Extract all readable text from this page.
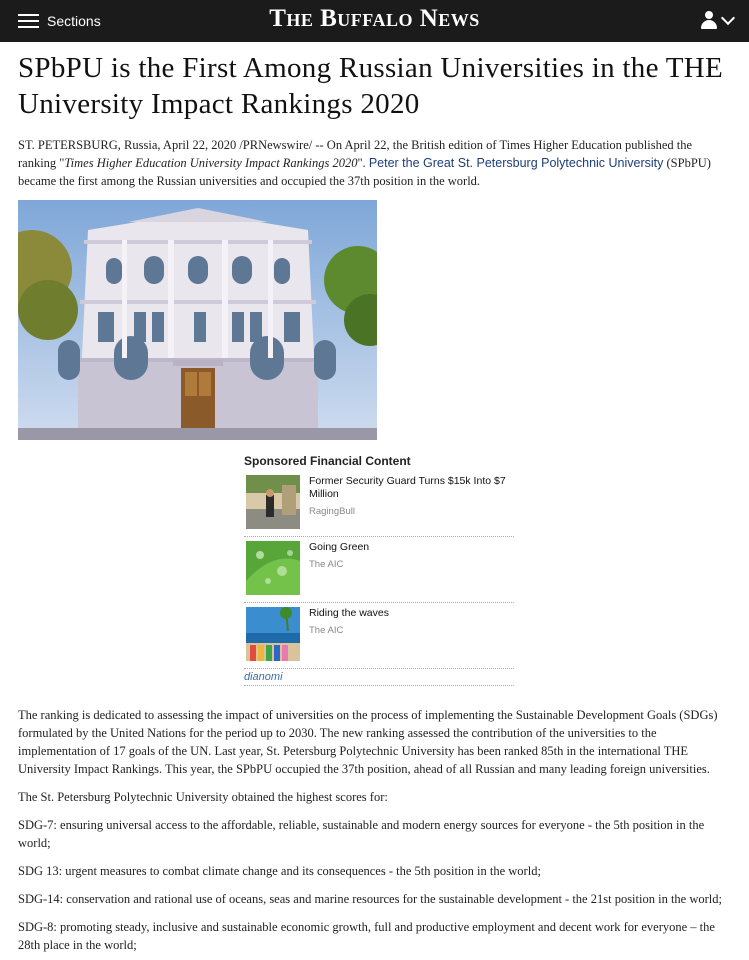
Sections	The Buffalo News
SPbPU is the First Among Russian Universities in the THE University Impact Rankings 2020

ST. PETERSBURG, Russia, April 22, 2020 /PRNewswire/ -- On April 22, the British edition of Times Higher Education published the ranking "Times Higher Education University Impact Rankings 2020". Peter the Great St. Petersburg Polytechnic University (SPbPU) became the first among the Russian universities and occupied the 37th position in the world.

Sponsored Financial Content
Former Security Guard Turns $15k Into $7 Million
RagingBull
Going Green
The AIC
Riding the waves
The AIC
dianomi

The ranking is dedicated to assessing the impact of universities on the process of implementing the Sustainable Development Goals (SDGs) formulated by the United Nations for the period up to 2030. The new ranking assessed the contribution of the universities to the implementation of 17 goals of the UN. Last year, St. Petersburg Polytechnic University has been ranked 85th in the international THE University Impact Rankings. This year, the SPbPU occupied the 37th position, ahead of all Russian and many leading foreign universities.

The St. Petersburg Polytechnic University obtained the highest scores for:

SDG-7: ensuring universal access to the affordable, reliable, sustainable and modern energy sources for everyone - the 5th position in the world;

SDG 13: urgent measures to combat climate change and its consequences - the 5th position in the world;

SDG-14: conservation and rational use of oceans, seas and marine resources for the sustainable development - the 21st position in the world;

SDG-8: promoting steady, inclusive and sustainable economic growth, full and productive employment and decent work for everyone – the 28th place in the world;
